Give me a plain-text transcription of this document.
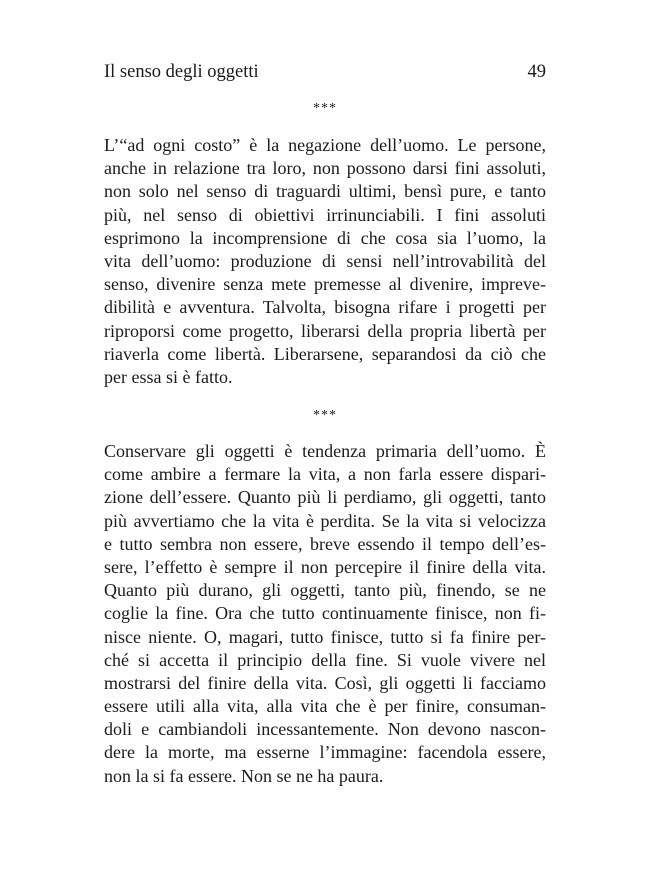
Il senso degli oggetti	49
***
L’“ad ogni costo” è la negazione dell’uomo. Le persone,
anche in relazione tra loro, non possono darsi fini assoluti,
non solo nel senso di traguardi ultimi, bensì pure, e tanto
più, nel senso di obiettivi irrinunciabili. I fini assoluti
esprimono la incomprensione di che cosa sia l’uomo, la
vita dell’uomo: produzione di sensi nell’introvabilità del
senso, divenire senza mete premesse al divenire, impreve-
dibilità e avventura. Talvolta, bisogna rifare i progetti per
riproporsi come progetto, liberarsi della propria libertà per
riaverla come libertà. Liberarsene, separandosi da ciò che
per essa si è fatto.
***
Conservare gli oggetti è tendenza primaria dell’uomo. È
come ambire a fermare la vita, a non farla essere dispari-
zione dell’essere. Quanto più li perdiamo, gli oggetti, tanto
più avvertiamo che la vita è perdita. Se la vita si velocizza
e tutto sembra non essere, breve essendo il tempo dell’es-
sere, l’effetto è sempre il non percepire il finire della vita.
Quanto più durano, gli oggetti, tanto più, finendo, se ne
coglie la fine. Ora che tutto continuamente finisce, non fi-
nisce niente. O, magari, tutto finisce, tutto si fa finire per-
ché si accetta il principio della fine. Si vuole vivere nel
mostrarsi del finire della vita. Così, gli oggetti li facciamo
essere utili alla vita, alla vita che è per finire, consuman-
doli e cambiandoli incessantemente. Non devono nascon-
dere la morte, ma esserne l’immagine: facendola essere,
non la si fa essere. Non se ne ha paura.
